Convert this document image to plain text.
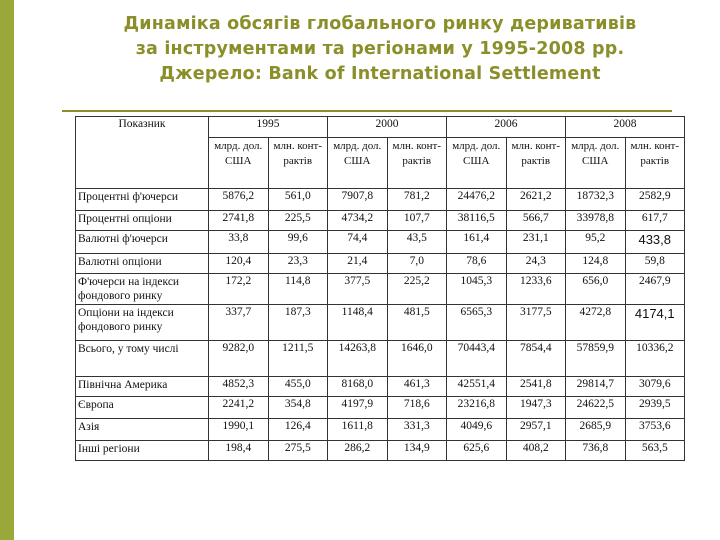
Динаміка обсягів глобального ринку деривативів
за інструментами та регіонами у 1995-2008 рр.
Джерело: Bank of International Settlement
Показник	1995		2000		2006		2008	
	млрд. дол. США	млн. конт-рактів	млрд. дол. США	млн. конт-рактів	млрд. дол. США	млн. конт-рактів	млрд. дол. США	млн. конт-рактів
Процентні ф'ючерси	5876,2	561,0	7907,8	781,2	24476,2	2621,2	18732,3	2582,9
Процентні опціони	2741,8	225,5	4734,2	107,7	38116,5	566,7	33978,8	617,7
Валютні ф'ючерси	33,8	99,6	74,4	43,5	161,4	231,1	95,2	433,8
Валютні опціони	120,4	23,3	21,4	7,0	78,6	24,3	124,8	59,8
Ф'ючерси на індекси фондового ринку	172,2	114,8	377,5	225,2	1045,3	1233,6	656,0	2467,9
Опціони на індекси фондового ринку	337,7	187,3	1148,4	481,5	6565,3	3177,5	4272,8	4174,1
Всього, у тому числі	9282,0	1211,5	14263,8	1646,0	70443,4	7854,4	57859,9	10336,2
Північна Америка	4852,3	455,0	8168,0	461,3	42551,4	2541,8	29814,7	3079,6
Європа	2241,2	354,8	4197,9	718,6	23216,8	1947,3	24622,5	2939,5
Азія	1990,1	126,4	1611,8	331,3	4049,6	2957,1	2685,9	3753,6
Інші регіони	198,4	275,5	286,2	134,9	625,6	408,2	736,8	563,5
